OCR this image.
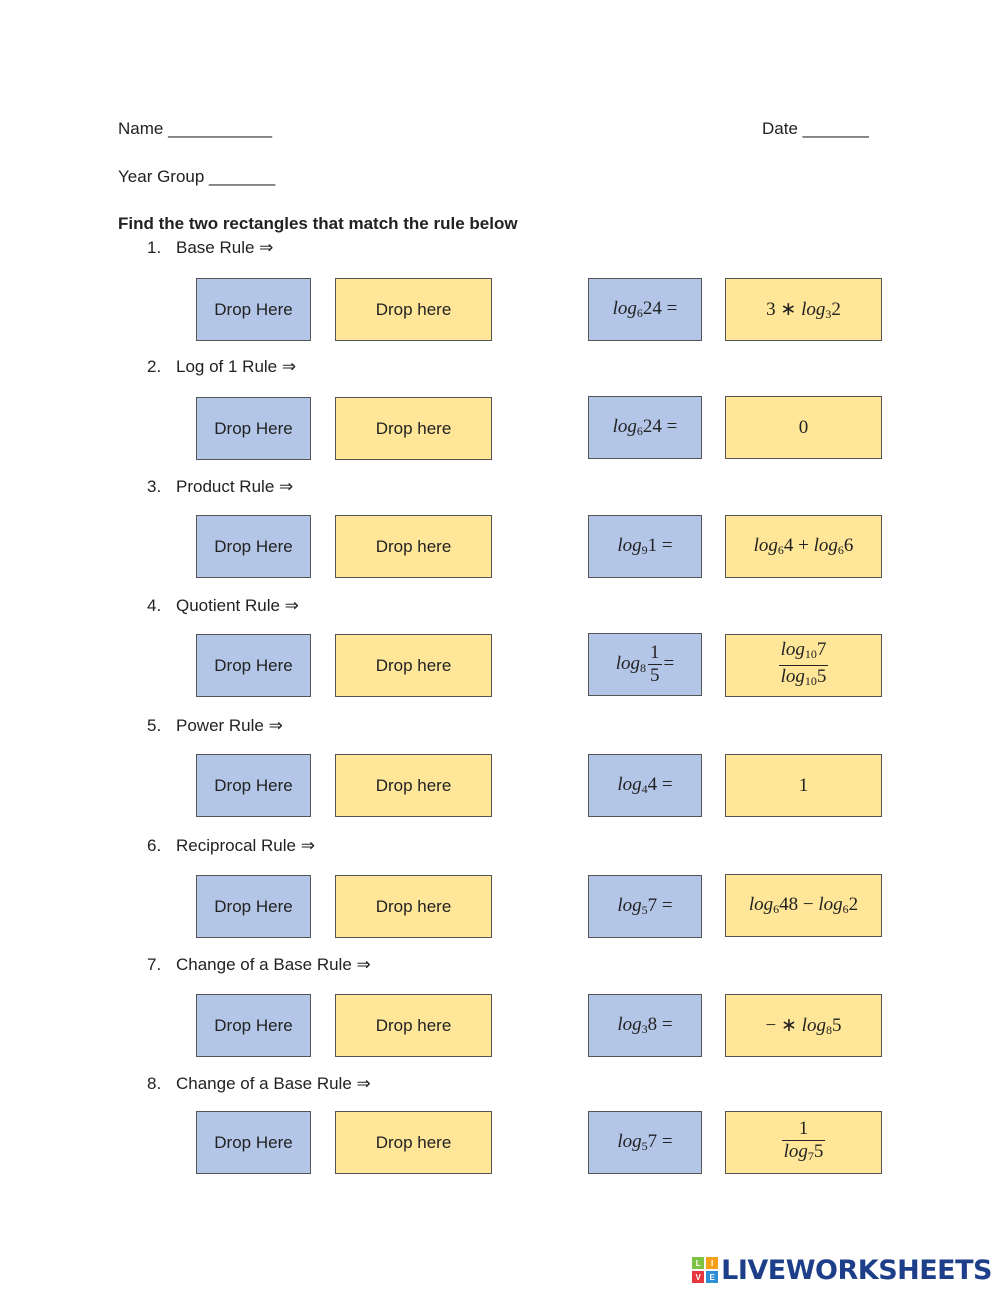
Name ___________	Date _______
Year Group _______
Find the two rectangles that match the rule below
1. Base Rule ⇒
Drop Here	Drop here	$\log_624$ =	3 ∗ $\log_32$
2. Log of 1 Rule ⇒
Drop Here	Drop here	$\log_624$ =	0
3. Product Rule ⇒
Drop Here	Drop here	$\log_91$ =	$\log_64 + \log_66$
4. Quotient Rule ⇒
Drop Here	Drop here	$\log_8 \frac{1}{5}$ =	$\frac{\log_{10}7}{\log_{10}5}$
5. Power Rule ⇒
Drop Here	Drop here	$\log_44$ =	1
6. Reciprocal Rule ⇒
Drop Here	Drop here	$\log_57$ =	$\log_648 - \log_62$
7. Change of a Base Rule ⇒
Drop Here	Drop here	$\log_38$ =	− ∗ $\log_85$
8. Change of a Base Rule ⇒
Drop Here	Drop here	$\log_57$ =	$\frac{1}{\log_75}$
L	I
V	E LIVEWORKSHEETS
